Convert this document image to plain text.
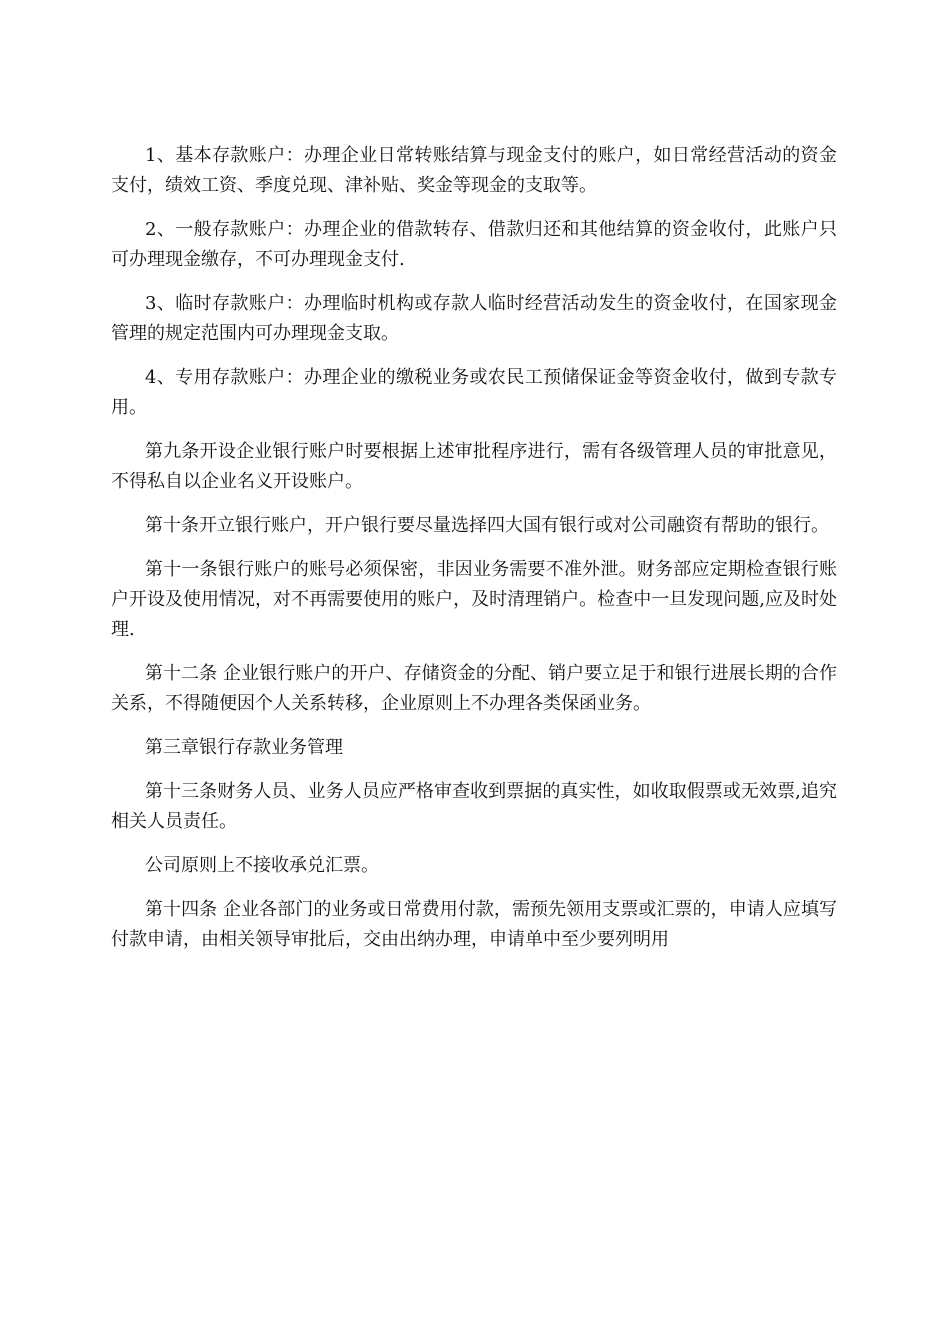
1、基本存款账户：办理企业日常转账结算与现金支付的账户，如日常经营活动的资金支付，绩效工资、季度兑现、津补贴、奖金等现金的支取等。

2、一般存款账户：办理企业的借款转存、借款归还和其他结算的资金收付，此账户只可办理现金缴存，不可办理现金支付.

3、临时存款账户：办理临时机构或存款人临时经营活动发生的资金收付，在国家现金管理的规定范围内可办理现金支取。

4、专用存款账户：办理企业的缴税业务或农民工预储保证金等资金收付，做到专款专用。

第九条开设企业银行账户时要根据上述审批程序进行，需有各级管理人员的审批意见，不得私自以企业名义开设账户。

第十条开立银行账户，开户银行要尽量选择四大国有银行或对公司融资有帮助的银行。

第十一条银行账户的账号必须保密，非因业务需要不准外泄。财务部应定期检查银行账户开设及使用情况，对不再需要使用的账户，及时清理销户。检查中一旦发现问题,应及时处理.

第十二条 企业银行账户的开户、存储资金的分配、销户要立足于和银行进展长期的合作关系，不得随便因个人关系转移，企业原则上不办理各类保函业务。

第三章银行存款业务管理

第十三条财务人员、业务人员应严格审查收到票据的真实性，如收取假票或无效票,追究相关人员责任。

公司原则上不接收承兑汇票。

第十四条 企业各部门的业务或日常费用付款，需预先领用支票或汇票的，申请人应填写付款申请，由相关领导审批后，交由出纳办理，申请单中至少要列明用
